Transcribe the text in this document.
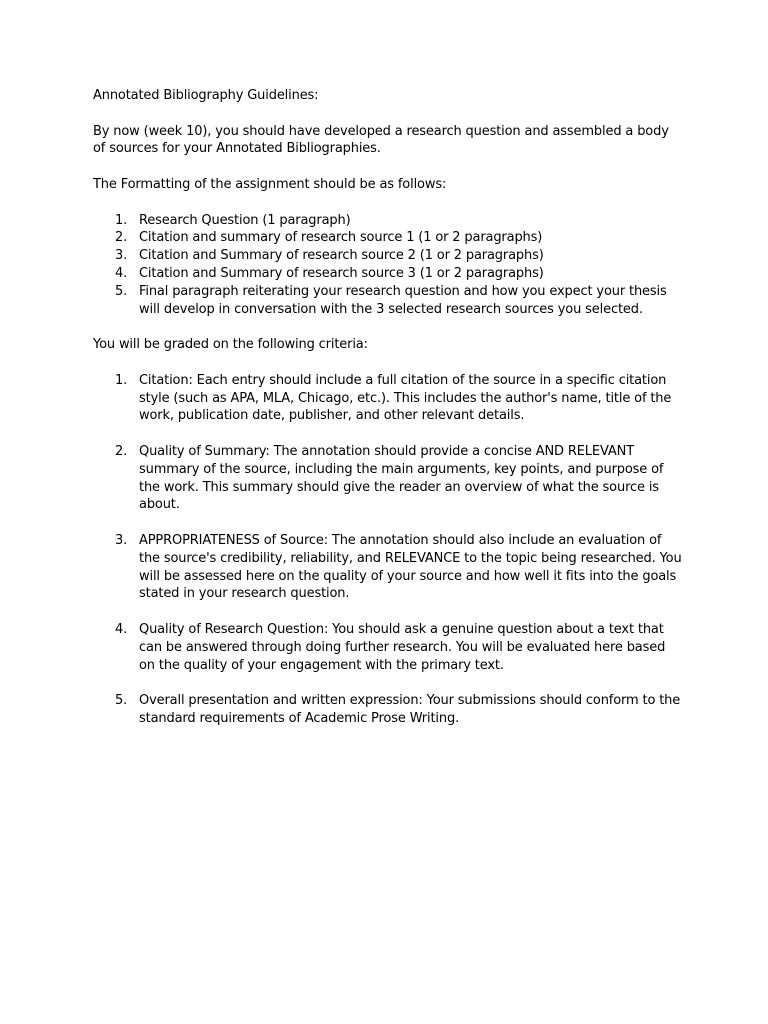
Annotated Bibliography Guidelines:

By now (week 10), you should have developed a research question and assembled a body of sources for your Annotated Bibliographies.

The Formatting of the assignment should be as follows:

1. Research Question (1 paragraph)
2. Citation and summary of research source 1 (1 or 2 paragraphs)
3. Citation and Summary of research source 2 (1 or 2 paragraphs)
4. Citation and Summary of research source 3 (1 or 2 paragraphs)
5. Final paragraph reiterating your research question and how you expect your thesis will develop in conversation with the 3 selected research sources you selected.

You will be graded on the following criteria:

1. Citation: Each entry should include a full citation of the source in a specific citation style (such as APA, MLA, Chicago, etc.). This includes the author's name, title of the work, publication date, publisher, and other relevant details.
2. Quality of Summary: The annotation should provide a concise AND RELEVANT summary of the source, including the main arguments, key points, and purpose of the work. This summary should give the reader an overview of what the source is about.
3. APPROPRIATENESS of Source: The annotation should also include an evaluation of the source's credibility, reliability, and RELEVANCE to the topic being researched. You will be assessed here on the quality of your source and how well it fits into the goals stated in your research question.
4. Quality of Research Question: You should ask a genuine question about a text that can be answered through doing further research. You will be evaluated here based on the quality of your engagement with the primary text.
5. Overall presentation and written expression: Your submissions should conform to the standard requirements of Academic Prose Writing.
